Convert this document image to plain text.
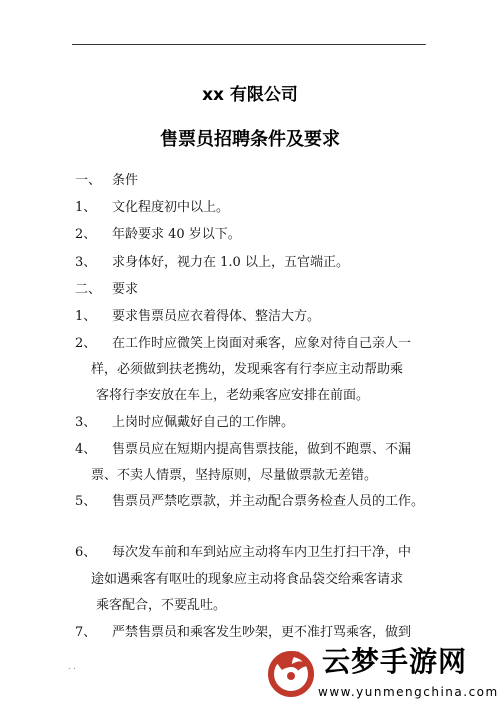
.
xx 有限公司
售票员招聘条件及要求
一、 条件
1、 文化程度初中以上。
2、 年龄要求 40 岁以下。
3、 求身体好，视力在 1.0 以上，五官端正。
二、 要求
1、 要求售票员应衣着得体、整洁大方。
2、 在工作时应微笑上岗面对乘客，应象对待自己亲人一
样，必须做到扶老携幼，发现乘客有行李应主动帮助乘
客将行李安放在车上，老幼乘客应安排在前面。
3、 上岗时应佩戴好自己的工作牌。
4、 售票员应在短期内提高售票技能，做到不跑票、不漏
票、不卖人情票，坚持原则，尽量做票款无差错。
5、 售票员严禁吃票款，并主动配合票务检查人员的工作。
6、 每次发车前和车到站应主动将车内卫生打扫干净，中
途如遇乘客有呕吐的现象应主动将食品袋交给乘客请求
乘客配合，不要乱吐。
7、 严禁售票员和乘客发生吵架，更不准打骂乘客，做到
. .	云梦手游网
www.yunmengchina.com
